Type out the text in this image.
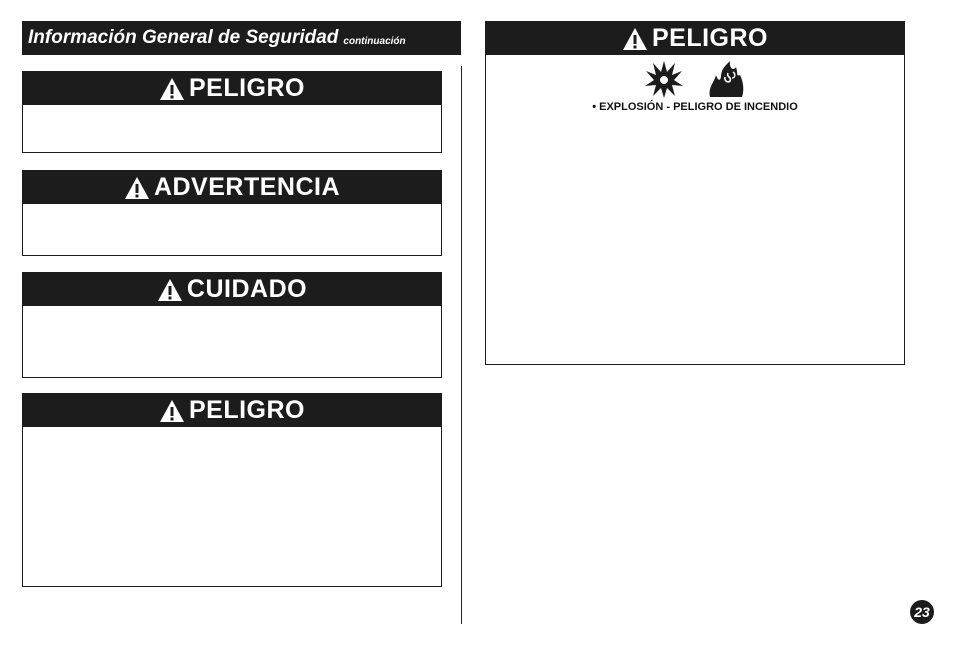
Información General de Seguridad continuación
PELIGRO
ADVERTENCIA
CUIDADO
PELIGRO
PELIGRO
• EXPLOSIÓN - PELIGRO DE INCENDIO
23
